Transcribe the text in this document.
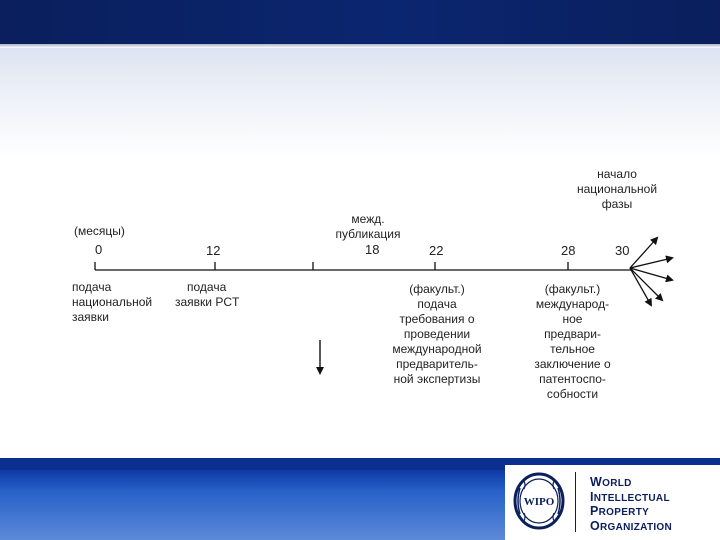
(месяцы)
0	12	18	22	28	30
межд.
публикация
начало
национальной
фазы
подача
национальной
заявки
подача
заявки PCT
(факульт.)
подача
требования о
проведении
международной
предваритель-
ной экспертизы
(факульт.)
международ-
ное
предвари-
тельное
заключение о
патентоспо-
собности
WIPO
WORLD
INTELLECTUAL
PROPERTY
ORGANIZATION
